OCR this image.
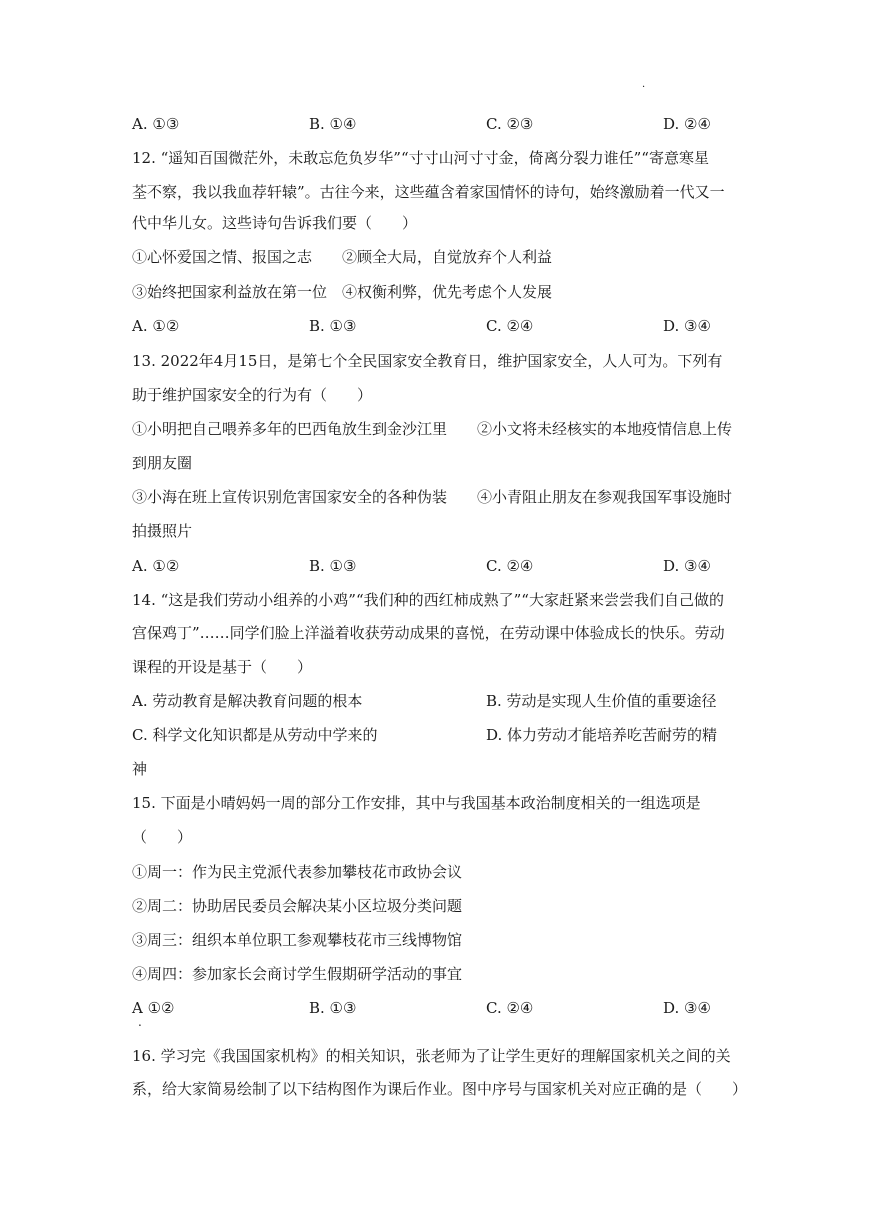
·
A. ①③	B. ①④	C. ②③	D. ②④
12. “遥知百国微茫外，未敢忘危负岁华”“寸寸山河寸寸金，倚离分裂力谁任”“寄意寒星
荃不察，我以我血荐轩辕”。古往今来，这些蕴含着家国情怀的诗句，始终激励着一代又一
代中华儿女。这些诗句告诉我们要（　　）
①心怀爱国之情、报国之志　　②顾全大局，自觉放弃个人利益
③始终把国家利益放在第一位　④权衡利弊，优先考虑个人发展
A. ①②	B. ①③	C. ②④	D. ③④
13. 2022年4月15日，是第七个全民国家安全教育日，维护国家安全，人人可为。下列有
助于维护国家安全的行为有（　　）
①小明把自己喂养多年的巴西龟放生到金沙江里　　②小文将未经核实的本地疫情信息上传
到朋友圈
③小海在班上宣传识别危害国家安全的各种伪装　　④小青阻止朋友在参观我国军事设施时
拍摄照片
A. ①②	B. ①③	C. ②④	D. ③④
14. “这是我们劳动小组养的小鸡”“我们种的西红柿成熟了”“大家赶紧来尝尝我们自己做的
宫保鸡丁”……同学们脸上洋溢着收获劳动成果的喜悦，在劳动课中体验成长的快乐。劳动
课程的开设是基于（　　）
A. 劳动教育是解决教育问题的根本	B. 劳动是实现人生价值的重要途径
C. 科学文化知识都是从劳动中学来的	D. 体力劳动才能培养吃苦耐劳的精
神
15. 下面是小晴妈妈一周的部分工作安排，其中与我国基本政治制度相关的一组选项是
（　　）
①周一：作为民主党派代表参加攀枝花市政协会议
②周二：协助居民委员会解决某小区垃圾分类问题
③周三：组织本单位职工参观攀枝花市三线博物馆
④周四：参加家长会商讨学生假期研学活动的事宜
A ①②	B. ①③	C. ②④	D. ③④
.
16. 学习完《我国国家机构》的相关知识，张老师为了让学生更好的理解国家机关之间的关
系，给大家简易绘制了以下结构图作为课后作业。图中序号与国家机关对应正确的是（　　）
